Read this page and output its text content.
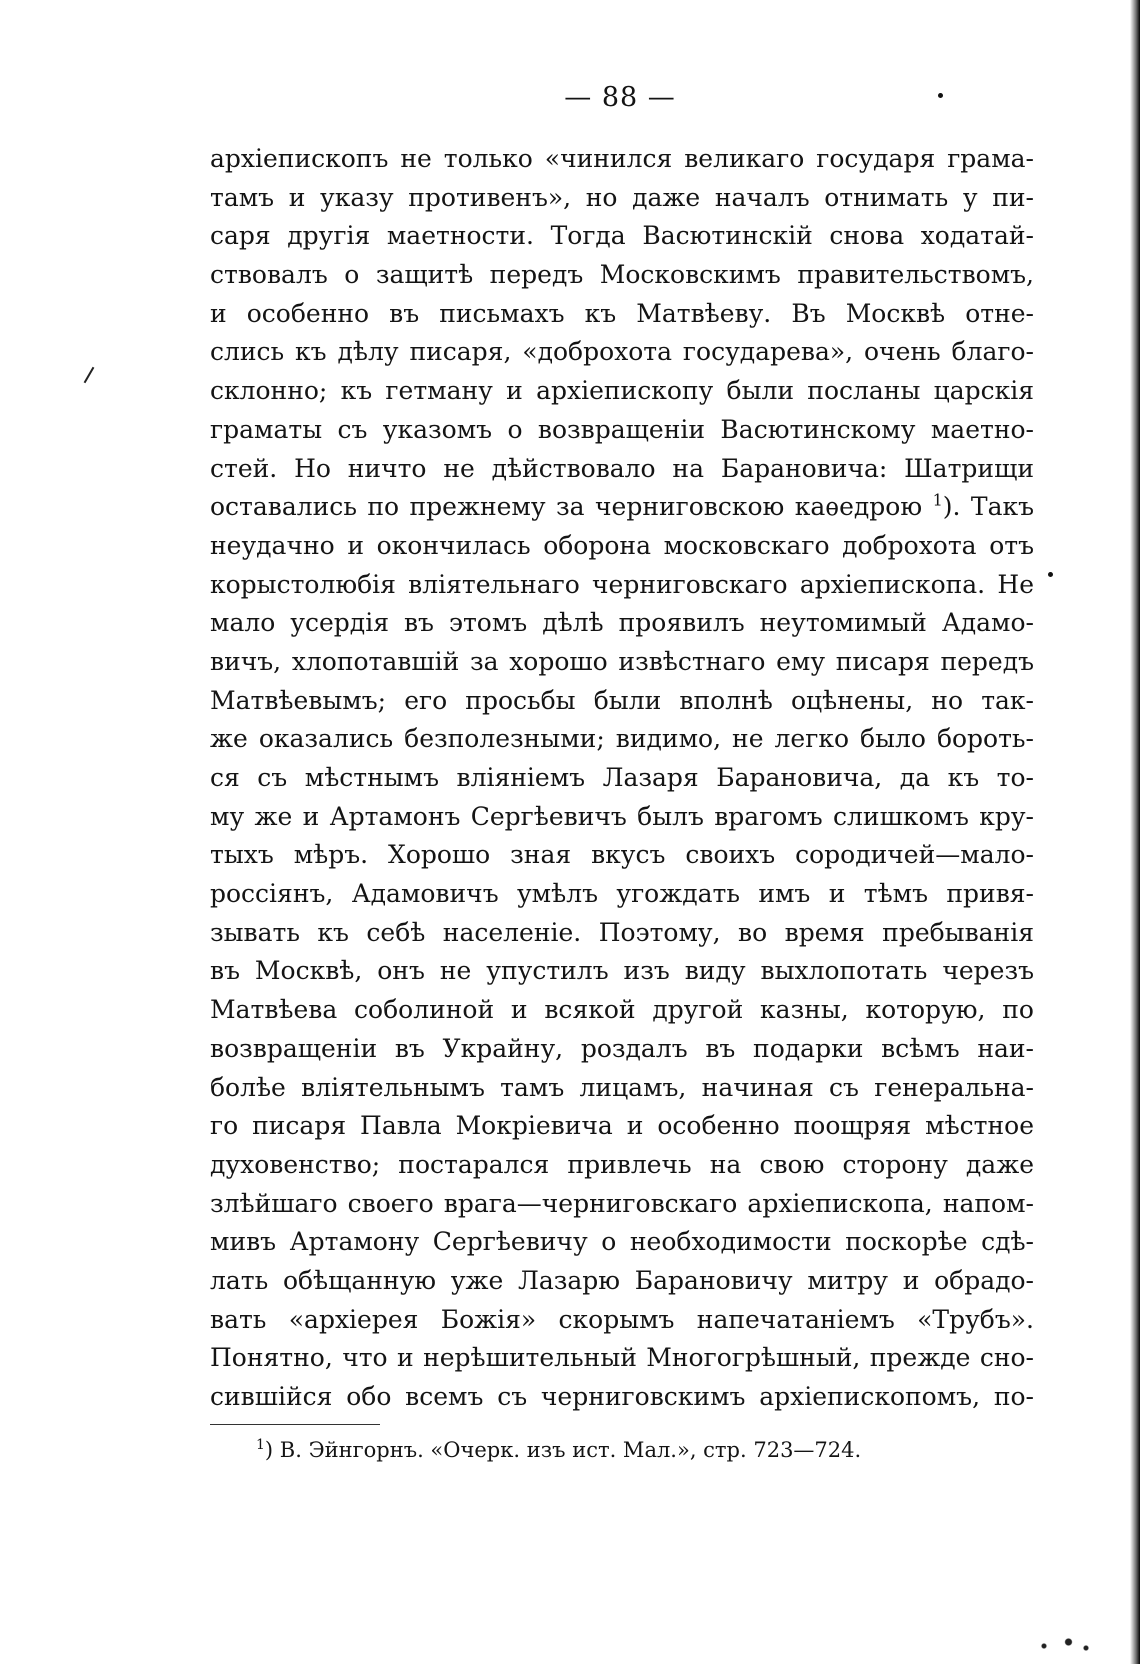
— 88 —
архіепископъ не только «чинился великаго государя грама-
тамъ и указу противенъ», но даже началъ отнимать у пи-
саря другія маетности. Тогда Васютинскій снова ходатай-
ствовалъ о защитѣ передъ Московскимъ правительствомъ,
и особенно въ письмахъ къ Матвѣеву. Въ Москвѣ отне-
слись къ дѣлу писаря, «доброхота государева», очень благо-
склонно; къ гетману и архіепископу были посланы царскія
граматы съ указомъ о возвращеніи Васютинскому маетно-
стей. Но ничто не дѣйствовало на Барановича: Шатрищи
оставались по прежнему за черниговскою каѳедрою $^1$). Такъ
неудачно и окончилась оборона московскаго доброхота отъ
корыстолюбія вліятельнаго черниговскаго архіепископа. Не
мало усердія въ этомъ дѣлѣ проявилъ неутомимый Адамо-
вичъ, хлопотавшій за хорошо извѣстнаго ему писаря передъ
Матвѣевымъ; его просьбы были вполнѣ оцѣнены, но так-
же оказались безполезными; видимо, не легко было бороть-
ся съ мѣстнымъ вліяніемъ Лазаря Барановича, да къ то-
му же и Артамонъ Сергѣевичъ былъ врагомъ слишкомъ кру-
тыхъ мѣръ. Хорошо зная вкусъ своихъ сородичей—мало-
россіянъ, Адамовичъ умѣлъ угождать имъ и тѣмъ привя-
зывать къ себѣ населеніе. Поэтому, во время пребыванія
въ Москвѣ, онъ не упустилъ изъ виду выхлопотать черезъ
Матвѣева соболиной и всякой другой казны, которую, по
возвращеніи въ Украйну, роздалъ въ подарки всѣмъ наи-
болѣе вліятельнымъ тамъ лицамъ, начиная съ генеральна-
го писаря Павла Мокріевича и особенно поощряя мѣстное
духовенство; постарался привлечь на свою сторону даже
злѣйшаго своего врага—черниговскаго архіепископа, напом-
мивъ Артамону Сергѣевичу о необходимости поскорѣе сдѣ-
лать обѣщанную уже Лазарю Барановичу митру и обрадо-
вать «архіерея Божія» скорымъ напечатаніемъ «Трубъ».
Понятно, что и нерѣшительный Многогрѣшный, прежде сно-
сившійся обо всемъ съ черниговскимъ архіепископомъ, по-
$^1$) В. Эйнгорнъ. «Очерк. изъ ист. Мал.», стр. 723—724.
